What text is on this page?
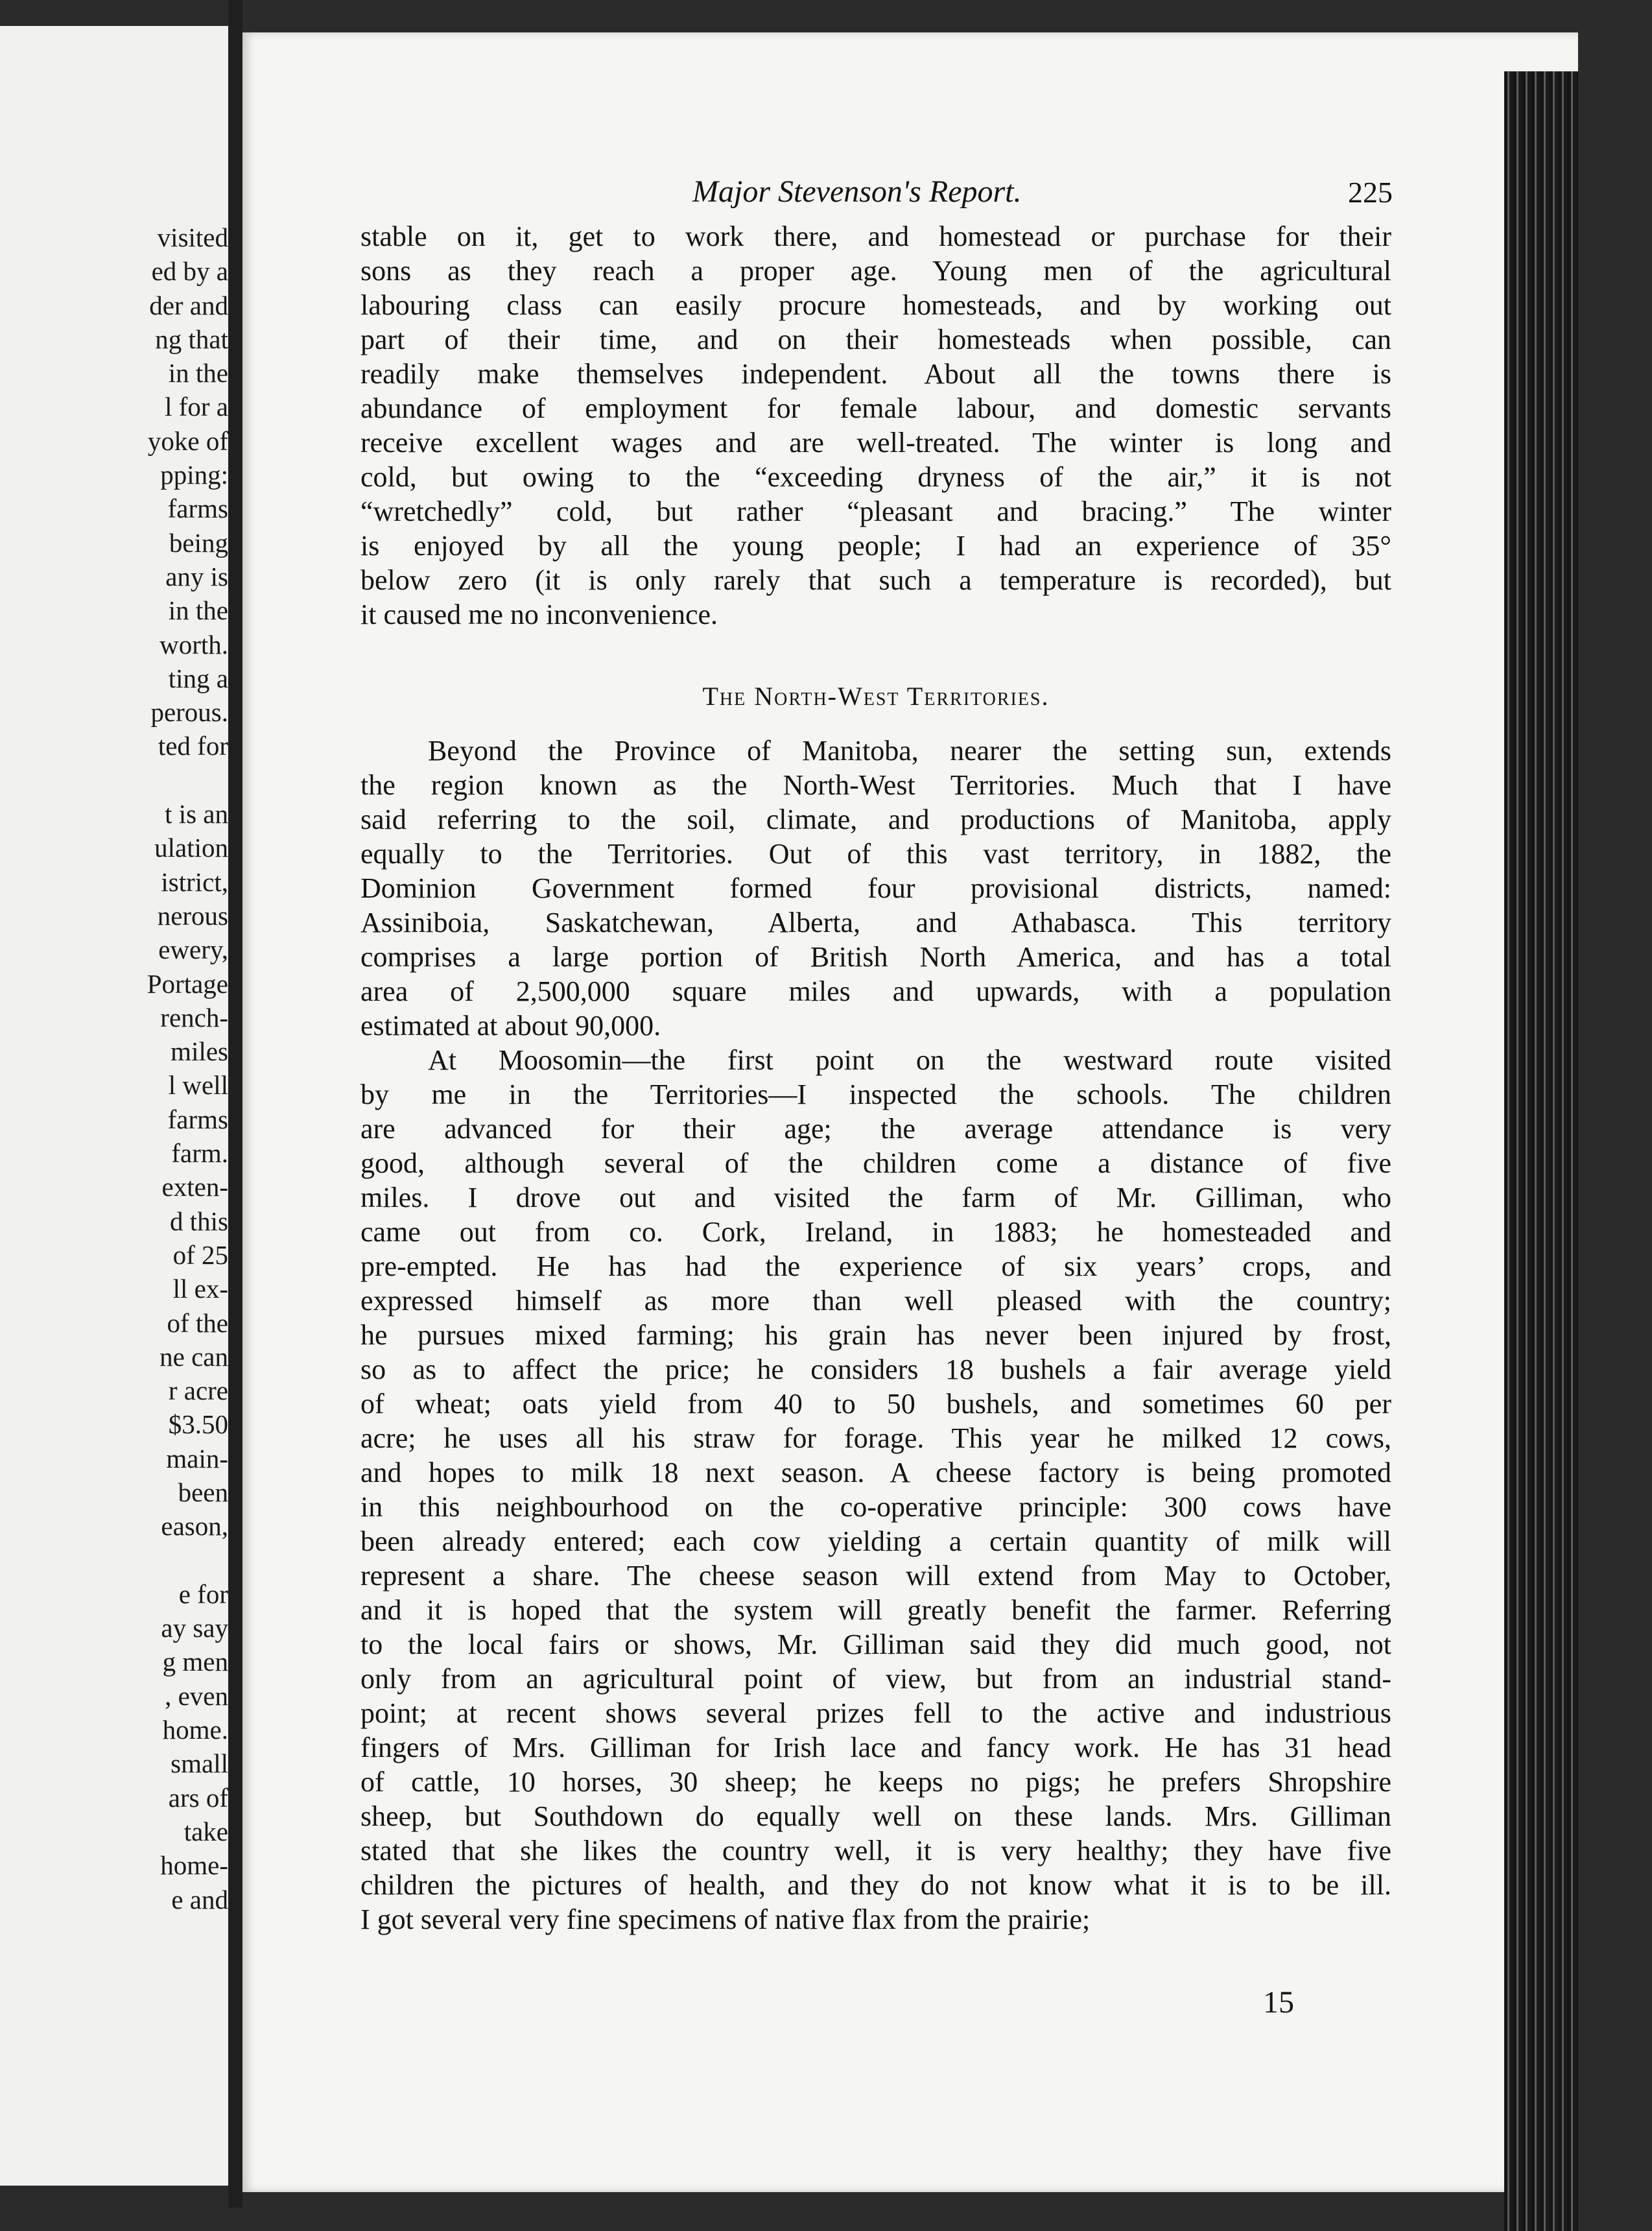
visited
ed by a
der and
ng that
in the
l for a
yoke of
pping:
farms
being
any is
in the
worth.
ting a
perous.
ted for

t is an
ulation
istrict,
nerous
ewery,
Portage
rench-
miles
l well
farms
farm.
exten-
d this
of 25
ll ex-
of the
ne can
r acre
$3.50
main-
been
eason,

e for
ay say
g men
, even
home.
small
ars of
take
home-
e and
Major Stevenson's Report.	225

stable on it, get to work there, and homestead or purchase for their
sons as they reach a proper age. Young men of the agricultural
labouring class can easily procure homesteads, and by working out
part of their time, and on their homesteads when possible, can
readily make themselves independent. About all the towns there is
abundance of employment for female labour, and domestic servants
receive excellent wages and are well-treated. The winter is long and
cold, but owing to the “exceeding dryness of the air,” it is not
“wretchedly” cold, but rather “pleasant and bracing.” The winter
is enjoyed by all the young people; I had an experience of 35°
below zero (it is only rarely that such a temperature is recorded), but
it caused me no inconvenience.

The North-West Territories.

Beyond the Province of Manitoba, nearer the setting sun, extends
the region known as the North-West Territories. Much that I have
said referring to the soil, climate, and productions of Manitoba, apply
equally to the Territories. Out of this vast territory, in 1882, the
Dominion Government formed four provisional districts, named:
Assiniboia, Saskatchewan, Alberta, and Athabasca. This territory
comprises a large portion of British North America, and has a total
area of 2,500,000 square miles and upwards, with a population
estimated at about 90,000.

At Moosomin—the first point on the westward route visited
by me in the Territories—I inspected the schools. The children
are advanced for their age; the average attendance is very
good, although several of the children come a distance of five
miles. I drove out and visited the farm of Mr. Gilliman, who
came out from co. Cork, Ireland, in 1883; he homesteaded and
pre-empted. He has had the experience of six years’ crops, and
expressed himself as more than well pleased with the country;
he pursues mixed farming; his grain has never been injured by frost,
so as to affect the price; he considers 18 bushels a fair average yield
of wheat; oats yield from 40 to 50 bushels, and sometimes 60 per
acre; he uses all his straw for forage. This year he milked 12 cows,
and hopes to milk 18 next season. A cheese factory is being promoted
in this neighbourhood on the co-operative principle: 300 cows have
been already entered; each cow yielding a certain quantity of milk will
represent a share. The cheese season will extend from May to October,
and it is hoped that the system will greatly benefit the farmer. Referring
to the local fairs or shows, Mr. Gilliman said they did much good, not
only from an agricultural point of view, but from an industrial stand-
point; at recent shows several prizes fell to the active and industrious
fingers of Mrs. Gilliman for Irish lace and fancy work. He has 31 head
of cattle, 10 horses, 30 sheep; he keeps no pigs; he prefers Shropshire
sheep, but Southdown do equally well on these lands. Mrs. Gilliman
stated that she likes the country well, it is very healthy; they have five
children the pictures of health, and they do not know what it is to be ill.
I got several very fine specimens of native flax from the prairie;

15
